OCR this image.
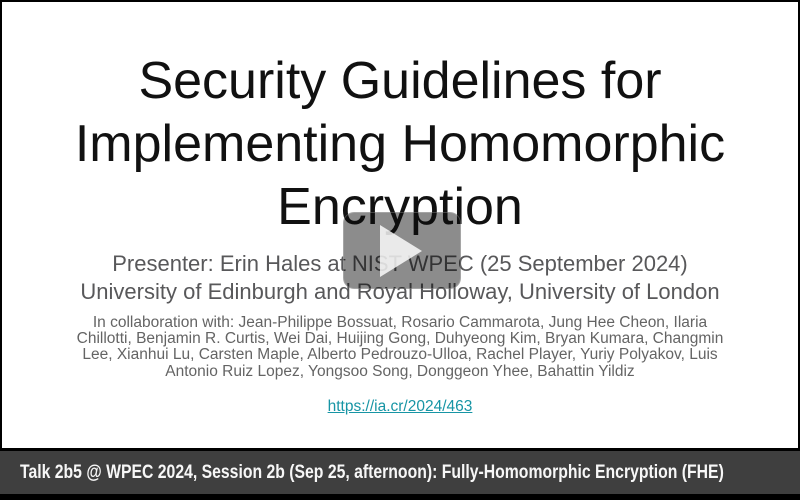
Security Guidelines for
Implementing Homomorphic
Encryption
Presenter: Erin Hales at NIST WPEC (25 September 2024)
University of Edinburgh and Royal Holloway, University of London
In collaboration with: Jean-Philippe Bossuat, Rosario Cammarota, Jung Hee Cheon, Ilaria
Chillotti, Benjamin R. Curtis, Wei Dai, Huijing Gong, Duhyeong Kim, Bryan Kumara, Changmin
Lee, Xianhui Lu, Carsten Maple, Alberto Pedrouzo-Ulloa, Rachel Player, Yuriy Polyakov, Luis
Antonio Ruiz Lopez, Yongsoo Song, Donggeon Yhee, Bahattin Yildiz
https://ia.cr/2024/463
Talk 2b5 @ WPEC 2024, Session 2b (Sep 25, afternoon): Fully-Homomorphic Encryption (FHE)
